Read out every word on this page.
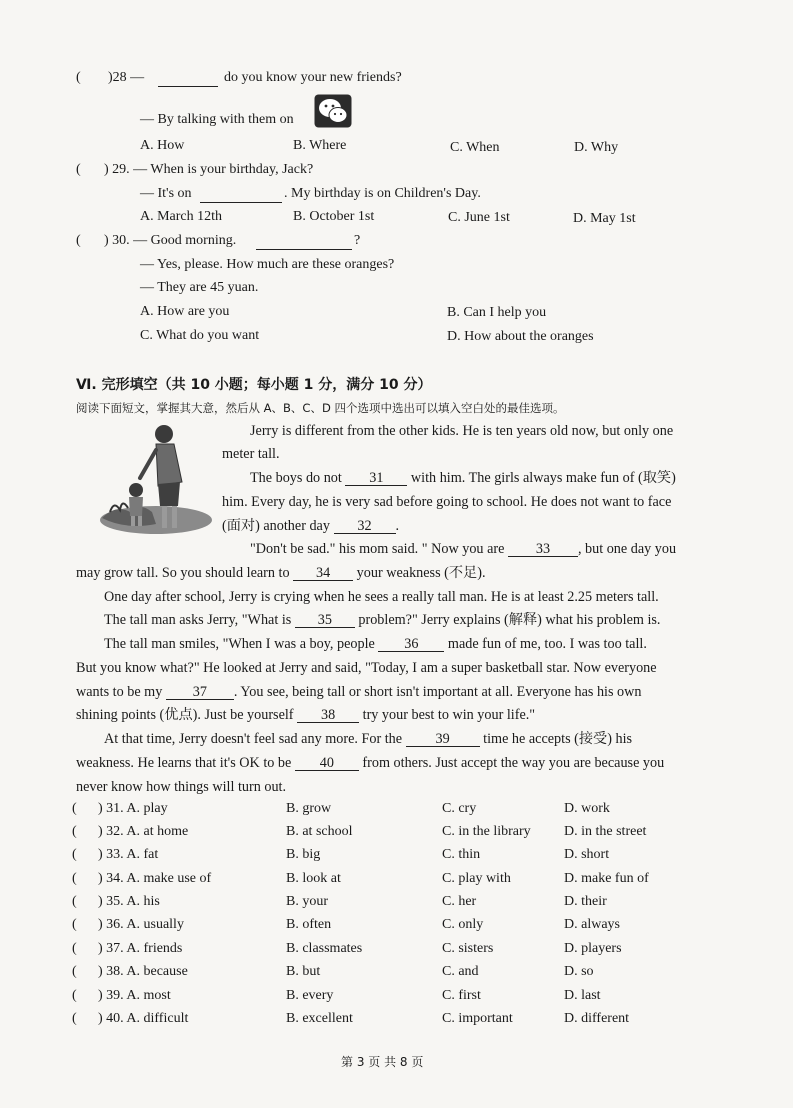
( )28 —	do you know your new friends?
— By talking with them on
A. How	B. Where	C. When	D. Why
( ) 29. — When is your birthday, Jack?
— It's on	. My birthday is on Children's Day.
A. March 12th	B. October 1st	C. June 1st	D. May 1st
( ) 30. — Good morning.	?
— Yes, please. How much are these oranges?
— They are 45 yuan.
A. How are you	B. Can I help you
C. What do you want	D. How about the oranges
Ⅵ. 完形填空（共 10 小题；每小题 1 分，满分 10 分）
阅读下面短文，掌握其大意，然后从 A、B、C、D 四个选项中选出可以填入空白处的最佳选项。
Jerry is different from the other kids. He is ten years old now, but only one
meter tall.
The boys do not 31 with him. The girls always make fun of (取笑)
him. Every day, he is very sad before going to school. He does not want to face
(面对) another day 32 .
"Don't be sad." his mom said. " Now you are 33 , but one day you
may grow tall. So you should learn to 34 your weakness (不足).
One day after school, Jerry is crying when he sees a really tall man. He is at least 2.25 meters tall.
The tall man asks Jerry, "What is 35 problem?" Jerry explains (解释) what his problem is.
The tall man smiles, "When I was a boy, people 36 made fun of me, too. I was too tall.
But you know what?" He looked at Jerry and said, "Today, I am a super basketball star. Now everyone
wants to be my 37 . You see, being tall or short isn't important at all. Everyone has his own
shining points (优点). Just be yourself 38 try your best to win your life."
At that time, Jerry doesn't feel sad any more. For the 39 time he accepts (接受) his
weakness. He learns that it's OK to be 40 from others. Just accept the way you are because you
never know how things will turn out.
( ) 31. A. play	B. grow	C. cry	D. work
( ) 32. A. at home	B. at school	C. in the library D. in the street
( ) 33. A. fat	B. big	C. thin	D. short
( ) 34. A. make use of	B. look at	C. play with	D. make fun of
( ) 35. A. his	B. your	C. her	D. their
( ) 36. A. usually	B. often	C. only	D. always
( ) 37. A. friends	B. classmates	C. sisters	D. players
( ) 38. A. because	B. but	C. and	D. so
( ) 39. A. most	B. every	C. first	D. last
( ) 40. A. difficult	B. excellent	C. important	D. different
第 3 页 共 8 页
